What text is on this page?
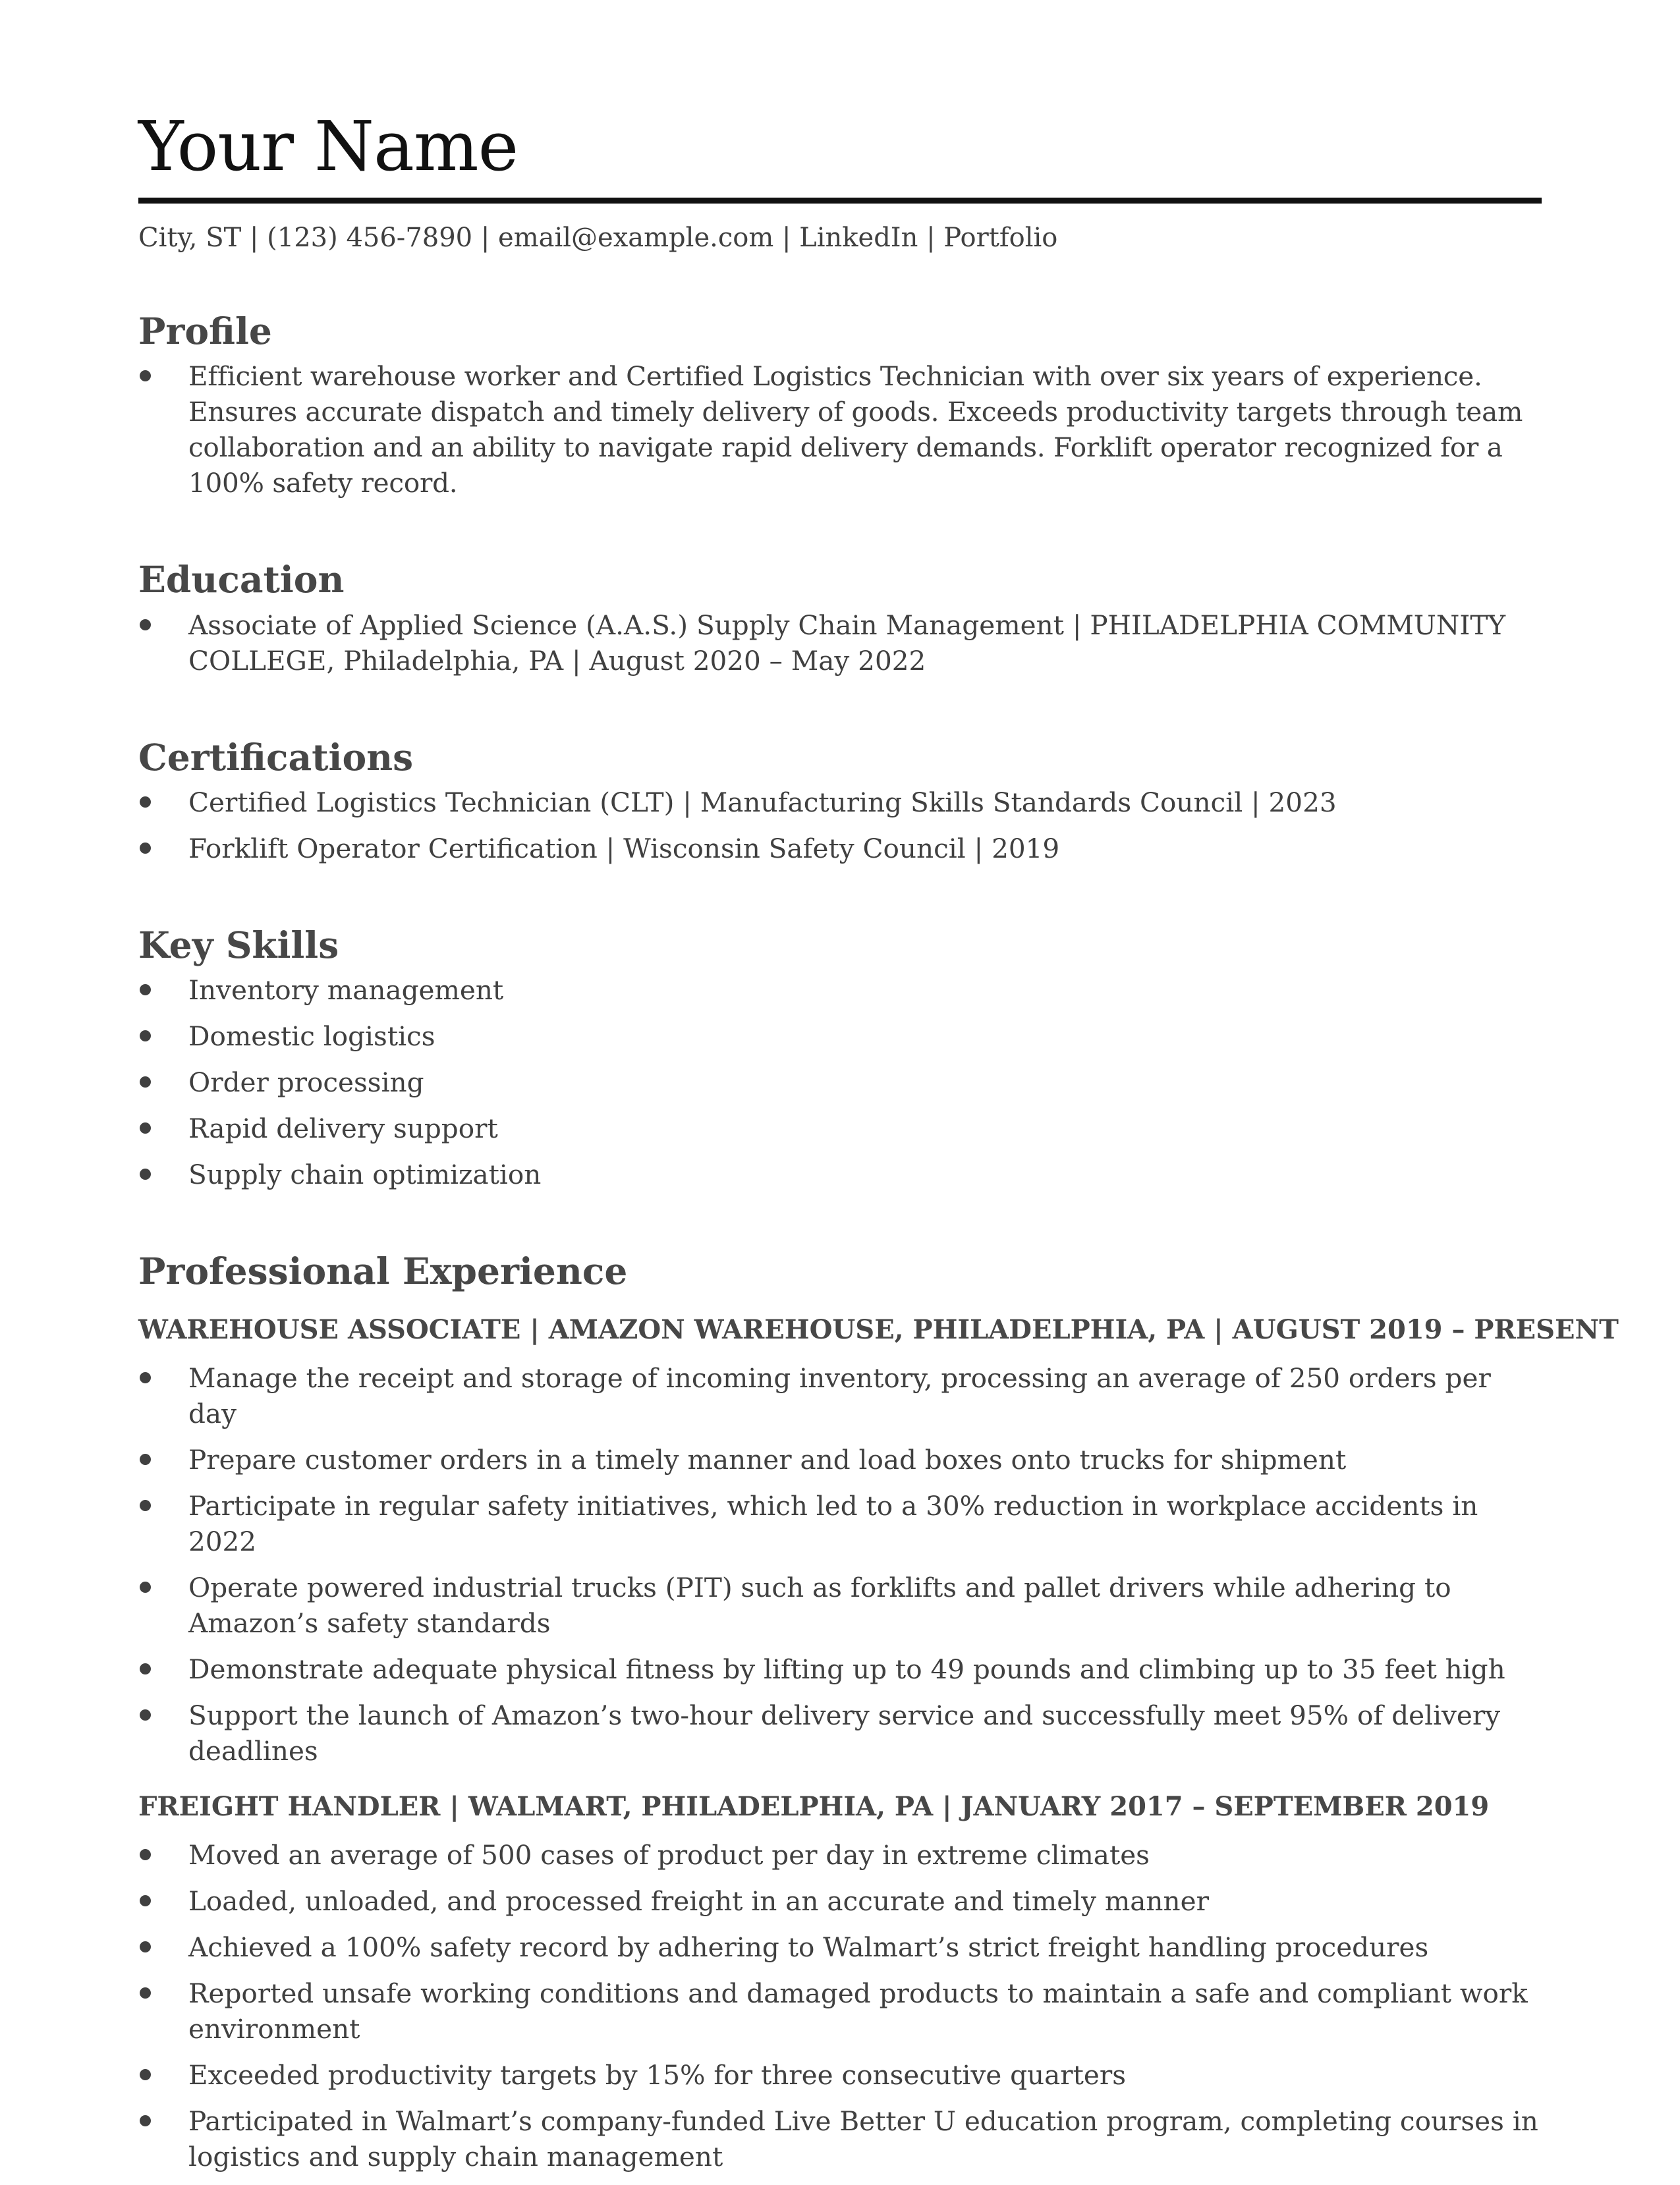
Your Name
City, ST | (123) 456-7890 | email@example.com | LinkedIn | Portfolio
Profile
Efficient warehouse worker and Certified Logistics Technician with over six years of experience. Ensures accurate dispatch and timely delivery of goods. Exceeds productivity targets through team collaboration and an ability to navigate rapid delivery demands. Forklift operator recognized for a 100% safety record.
Education
Associate of Applied Science (A.A.S.) Supply Chain Management | PHILADELPHIA COMMUNITY COLLEGE, Philadelphia, PA | August 2020 – May 2022
Certifications
Certified Logistics Technician (CLT) | Manufacturing Skills Standards Council | 2023
Forklift Operator Certification | Wisconsin Safety Council | 2019
Key Skills
Inventory management
Domestic logistics
Order processing
Rapid delivery support
Supply chain optimization
Professional Experience
WAREHOUSE ASSOCIATE | AMAZON WAREHOUSE, PHILADELPHIA, PA | AUGUST 2019 – PRESENT
Manage the receipt and storage of incoming inventory, processing an average of 250 orders per day
Prepare customer orders in a timely manner and load boxes onto trucks for shipment
Participate in regular safety initiatives, which led to a 30% reduction in workplace accidents in 2022
Operate powered industrial trucks (PIT) such as forklifts and pallet drivers while adhering to Amazon’s safety standards
Demonstrate adequate physical fitness by lifting up to 49 pounds and climbing up to 35 feet high
Support the launch of Amazon’s two-hour delivery service and successfully meet 95% of delivery deadlines
FREIGHT HANDLER | WALMART, PHILADELPHIA, PA | JANUARY 2017 – SEPTEMBER 2019
Moved an average of 500 cases of product per day in extreme climates
Loaded, unloaded, and processed freight in an accurate and timely manner
Achieved a 100% safety record by adhering to Walmart’s strict freight handling procedures
Reported unsafe working conditions and damaged products to maintain a safe and compliant work environment
Exceeded productivity targets by 15% for three consecutive quarters
Participated in Walmart’s company-funded Live Better U education program, completing courses in logistics and supply chain management
